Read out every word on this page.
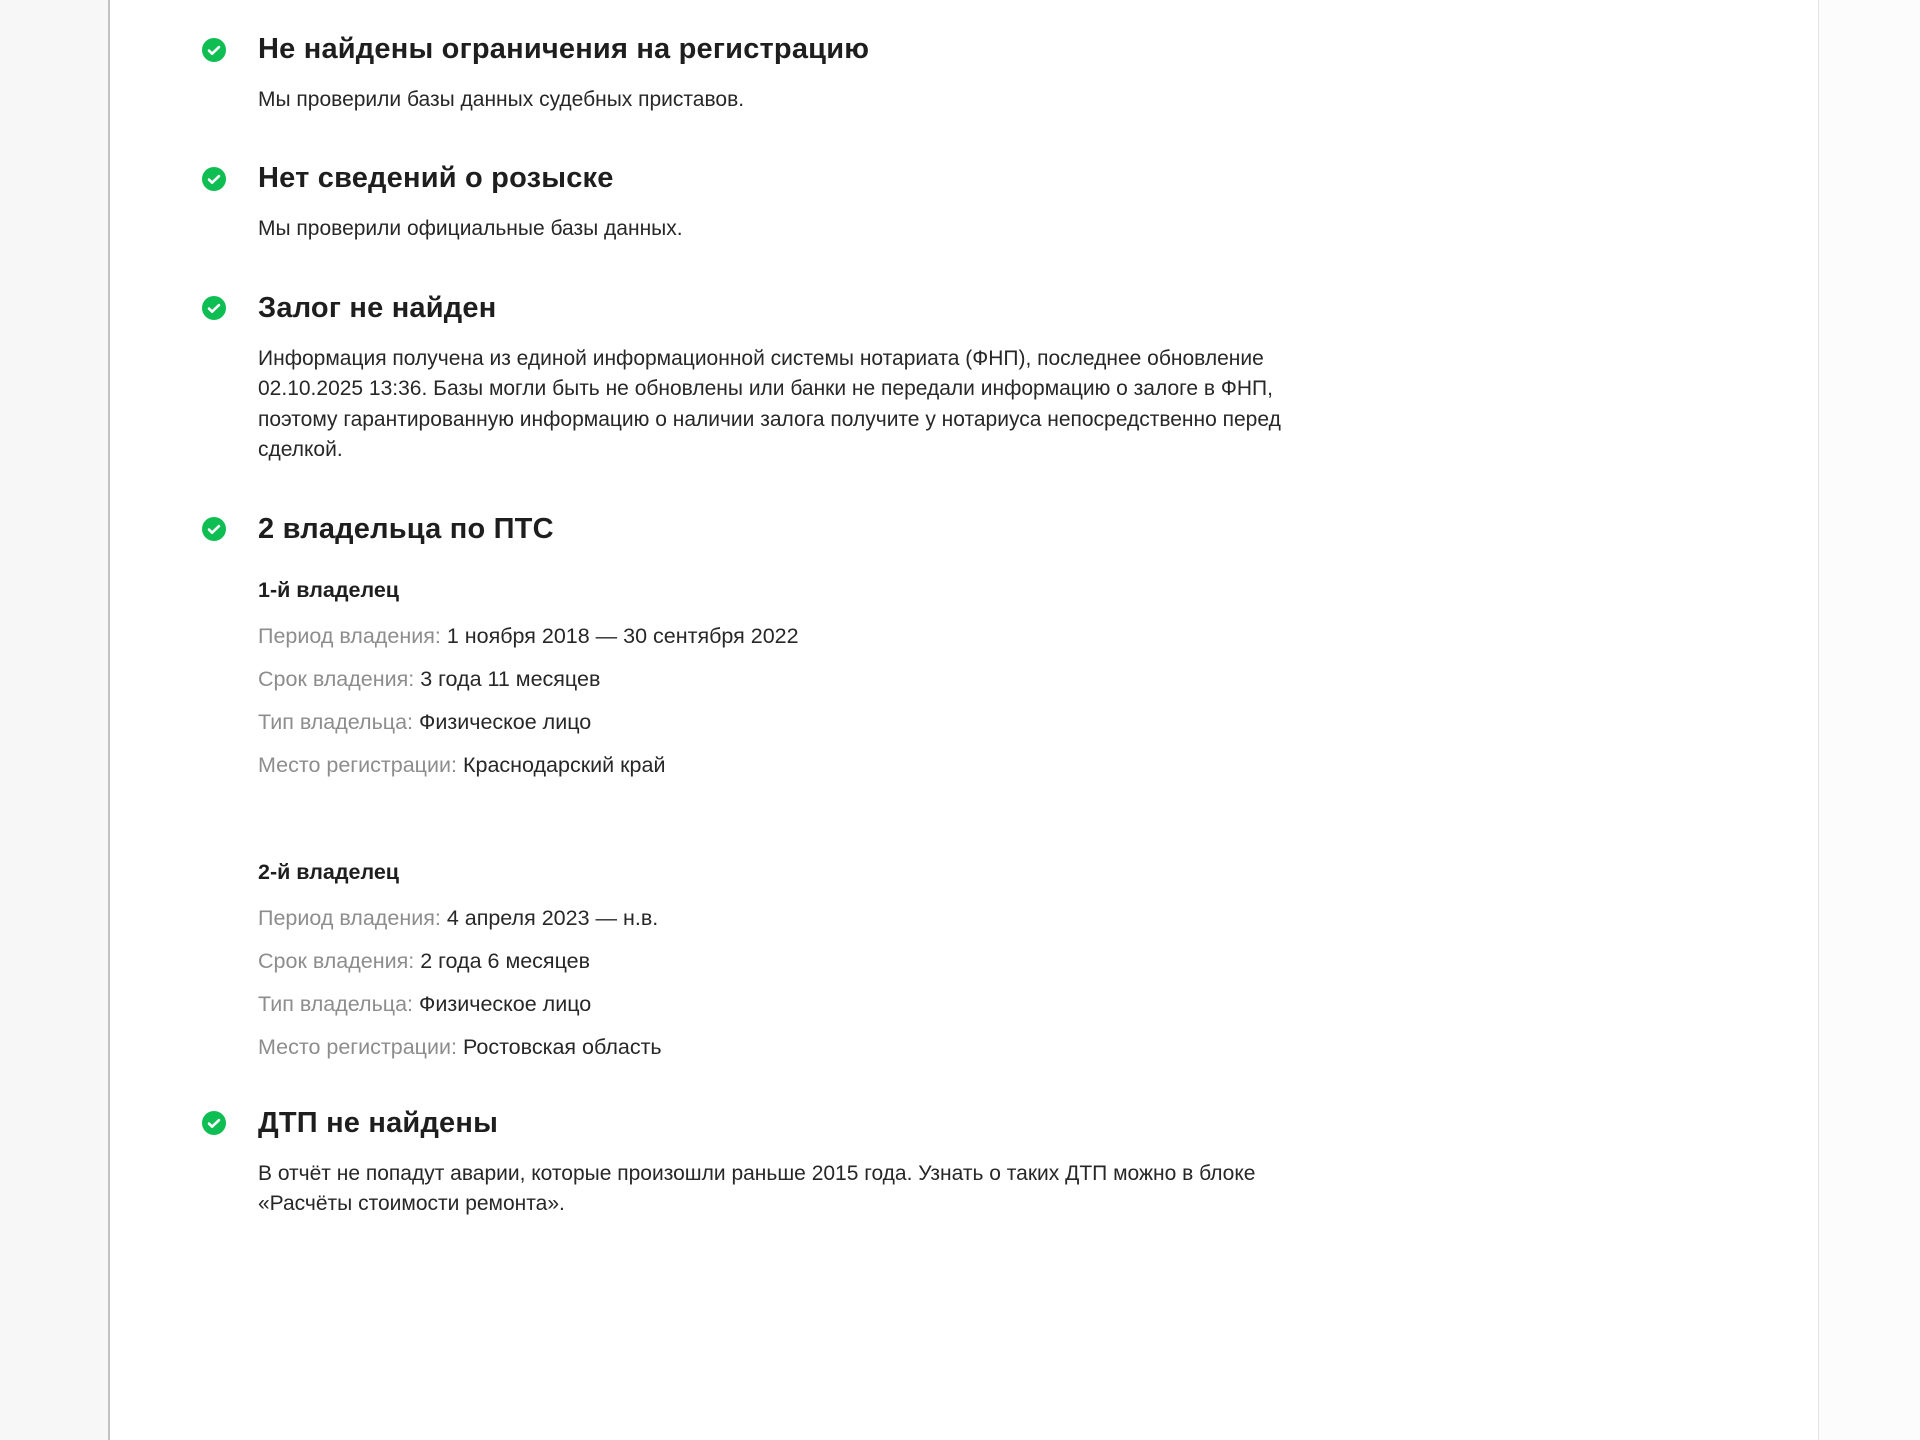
Не найдены ограничения на регистрацию
Мы проверили базы данных судебных приставов.
Нет сведений о розыске
Мы проверили официальные базы данных.
Залог не найден
Информация получена из единой информационной системы нотариата (ФНП), последнее обновление 02.10.2025 13:36. Базы могли быть не обновлены или банки не передали информацию о залоге в ФНП, поэтому гарантированную информацию о наличии залога получите у нотариуса непосредственно перед сделкой.
2 владельца по ПТС
1-й владелец
Период владения: 1 ноября 2018 — 30 сентября 2022
Срок владения: 3 года 11 месяцев
Тип владельца: Физическое лицо
Место регистрации: Краснодарский край
2-й владелец
Период владения: 4 апреля 2023 — н.в.
Срок владения: 2 года 6 месяцев
Тип владельца: Физическое лицо
Место регистрации: Ростовская область
ДТП не найдены
В отчёт не попадут аварии, которые произошли раньше 2015 года. Узнать о таких ДТП можно в блоке «Расчёты стоимости ремонта».
